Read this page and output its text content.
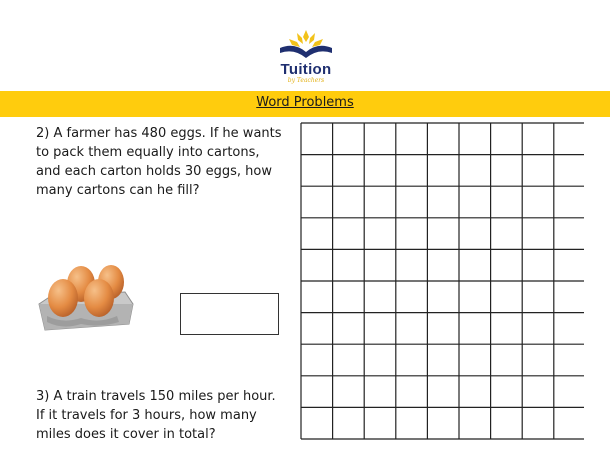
Tuition
by Teachers
Word Problems
2) A farmer has 480 eggs. If he wants to pack them equally into cartons, and each carton holds 30 eggs, how many cartons can he fill?
3) A train travels 150 miles per hour. If it travels for 3 hours, how many miles does it cover in total?
